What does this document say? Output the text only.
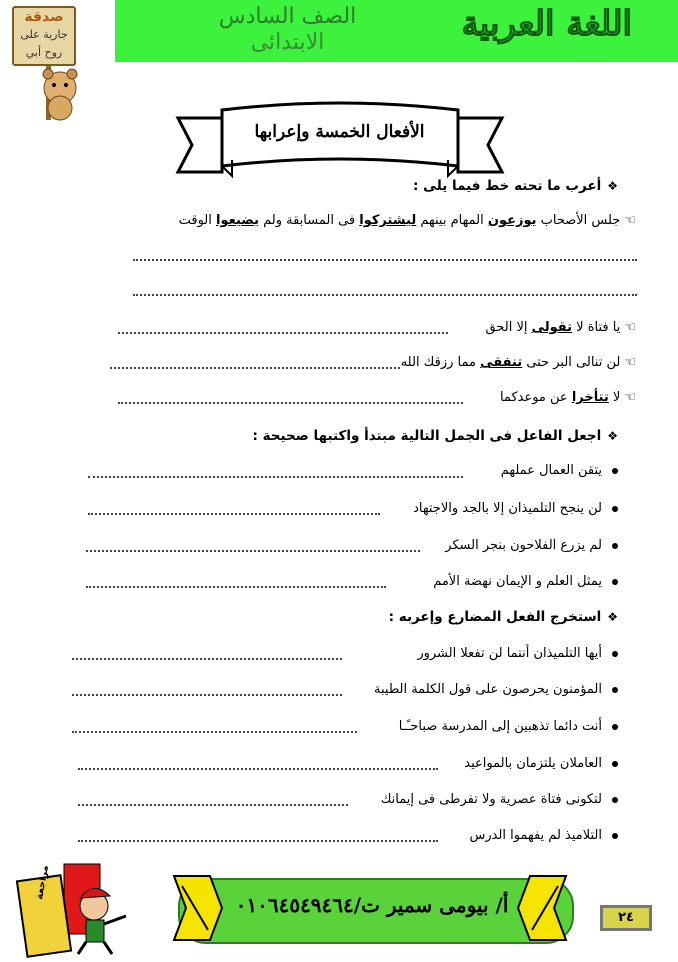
اللغة العربية
الصف السادس
الابتدائى
صدقة
جارية على
روح أبي
الأفعال الخمسة وإعرابها
❖أعرب ما تحته خط فيما يلى :
☜جلس الأصحاب يوزعون المهام بينهم ليشتركوا فى المسابقة ولم يضيعوا الوقت
☜يا فتاة لا تقولى إلا الحق
☜لن تنالى البر حتى تنفقى مما رزقك الله
☜لا تتأخرا عن موعدكما
❖اجعل الفاعل فى الجمل التالية مبتدأ واكتبها صحيحة :
يتقن العمال عملهم
لن ينجح التلميذان إلا بالجد والاجتهاد
لم يزرع الفلاحون بنجر السكر
يمثل العلم و الإيمان نهضة الأمم
❖استخرج الفعل المضارع وإعربه :
أيها التلميذان أنتما لن تفعلا الشرور
المؤمنون يحرصون على قول الكلمة الطيبة
أنت دائما تذهبين إلى المدرسة صباحـًـا
العاملان يلتزمان بالمواعيد
لتكونى فتاة عصرية ولا تفرطى فى إيمانك
التلاميذ لم يفهموا الدرس
مراجعة
أ/ بيومى سمير ت/٠١٠٦٤٥٤٩٤٦٤
٢٤
